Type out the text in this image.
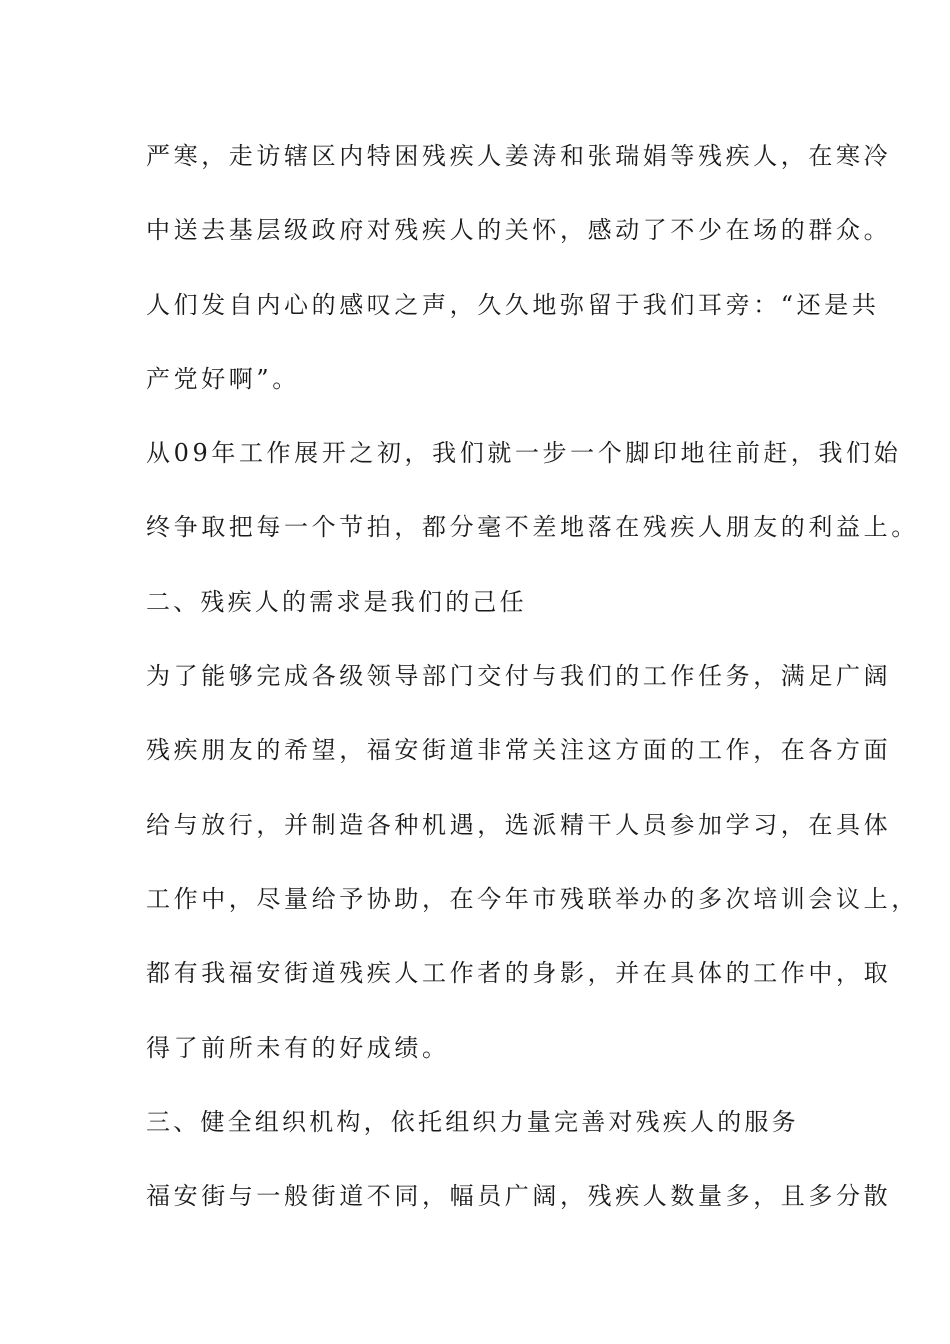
严寒，走访辖区内特困残疾人姜涛和张瑞娟等残疾人，在寒冷
中送去基层级政府对残疾人的关怀，感动了不少在场的群众。
人们发自内心的感叹之声，久久地弥留于我们耳旁：“还是共
产党好啊”。
从09年工作展开之初，我们就一步一个脚印地往前赶，我们始
终争取把每一个节拍，都分毫不差地落在残疾人朋友的利益上。
二、残疾人的需求是我们的己任
为了能够完成各级领导部门交付与我们的工作任务，满足广阔
残疾朋友的希望，福安街道非常关注这方面的工作，在各方面
给与放行，并制造各种机遇，选派精干人员参加学习，在具体
工作中，尽量给予协助，在今年市残联举办的多次培训会议上，
都有我福安街道残疾人工作者的身影，并在具体的工作中，取
得了前所未有的好成绩。
三、健全组织机构，依托组织力量完善对残疾人的服务
福安街与一般街道不同，幅员广阔，残疾人数量多，且多分散
